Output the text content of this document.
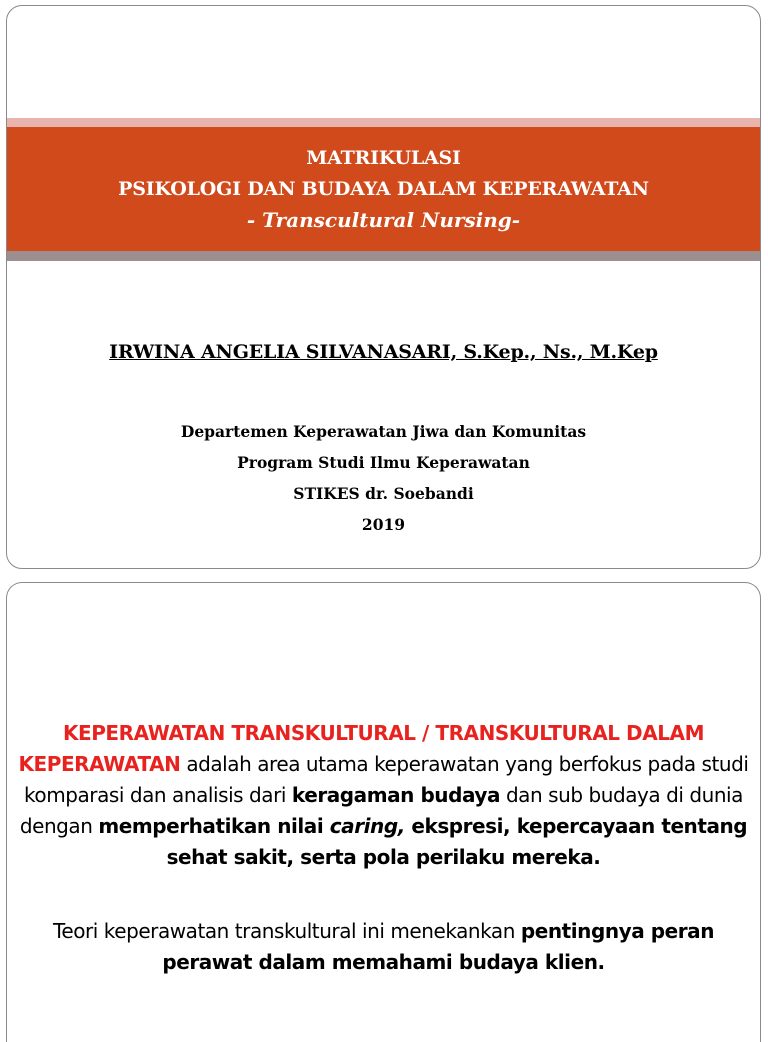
MATRIKULASI
PSIKOLOGI DAN BUDAYA DALAM KEPERAWATAN
- Transcultural Nursing-
IRWINA ANGELIA SILVANASARI, S.Kep., Ns., M.Kep
Departemen Keperawatan Jiwa dan Komunitas
Program Studi Ilmu Keperawatan
STIKES dr. Soebandi
2019
KEPERAWATAN TRANSKULTURAL / TRANSKULTURAL DALAM KEPERAWATAN adalah area utama keperawatan yang berfokus pada studi komparasi dan analisis dari keragaman budaya dan sub budaya di dunia dengan memperhatikan nilai caring, ekspresi, kepercayaan tentang sehat sakit, serta pola perilaku mereka.
Teori keperawatan transkultural ini menekankan pentingnya peran perawat dalam memahami budaya klien.
